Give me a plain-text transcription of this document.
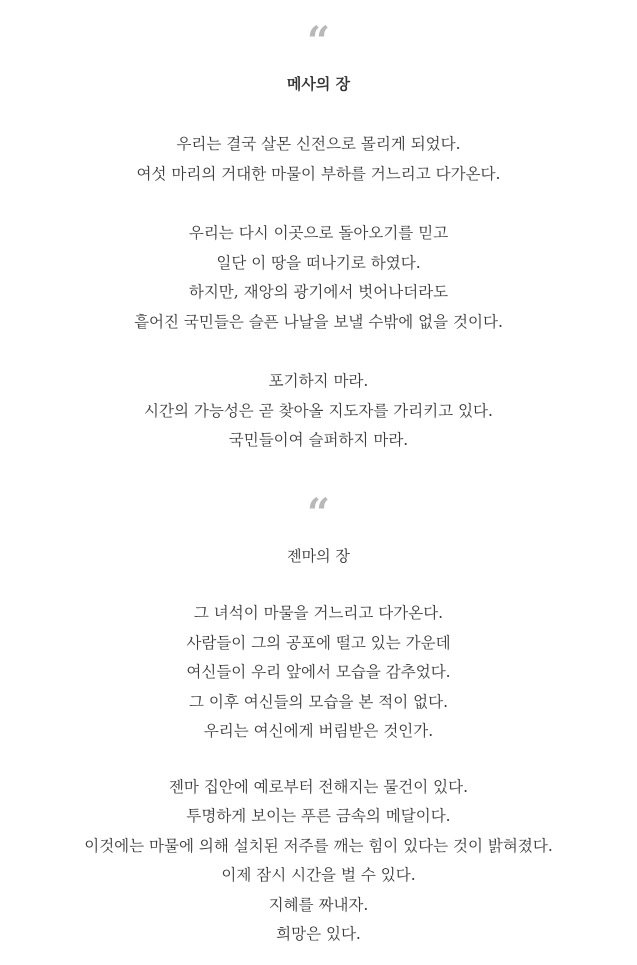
“
메사의 장
우리는 결국 살몬 신전으로 몰리게 되었다.
여섯 마리의 거대한 마물이 부하를 거느리고 다가온다.
우리는 다시 이곳으로 돌아오기를 믿고
일단 이 땅을 떠나기로 하였다.
하지만, 재앙의 광기에서 벗어나더라도
흩어진 국민들은 슬픈 나날을 보낼 수밖에 없을 것이다.
포기하지 마라.
시간의 가능성은 곧 찾아올 지도자를 가리키고 있다.
국민들이여 슬퍼하지 마라.
“
젠마의 장
그 녀석이 마물을 거느리고 다가온다.
사람들이 그의 공포에 떨고 있는 가운데
여신들이 우리 앞에서 모습을 감추었다.
그 이후 여신들의 모습을 본 적이 없다.
우리는 여신에게 버림받은 것인가.
젠마 집안에 예로부터 전해지는 물건이 있다.
투명하게 보이는 푸른 금속의 메달이다.
이것에는 마물에 의해 설치된 저주를 깨는 힘이 있다는 것이 밝혀졌다.
이제 잠시 시간을 벌 수 있다.
지혜를 짜내자.
희망은 있다.
